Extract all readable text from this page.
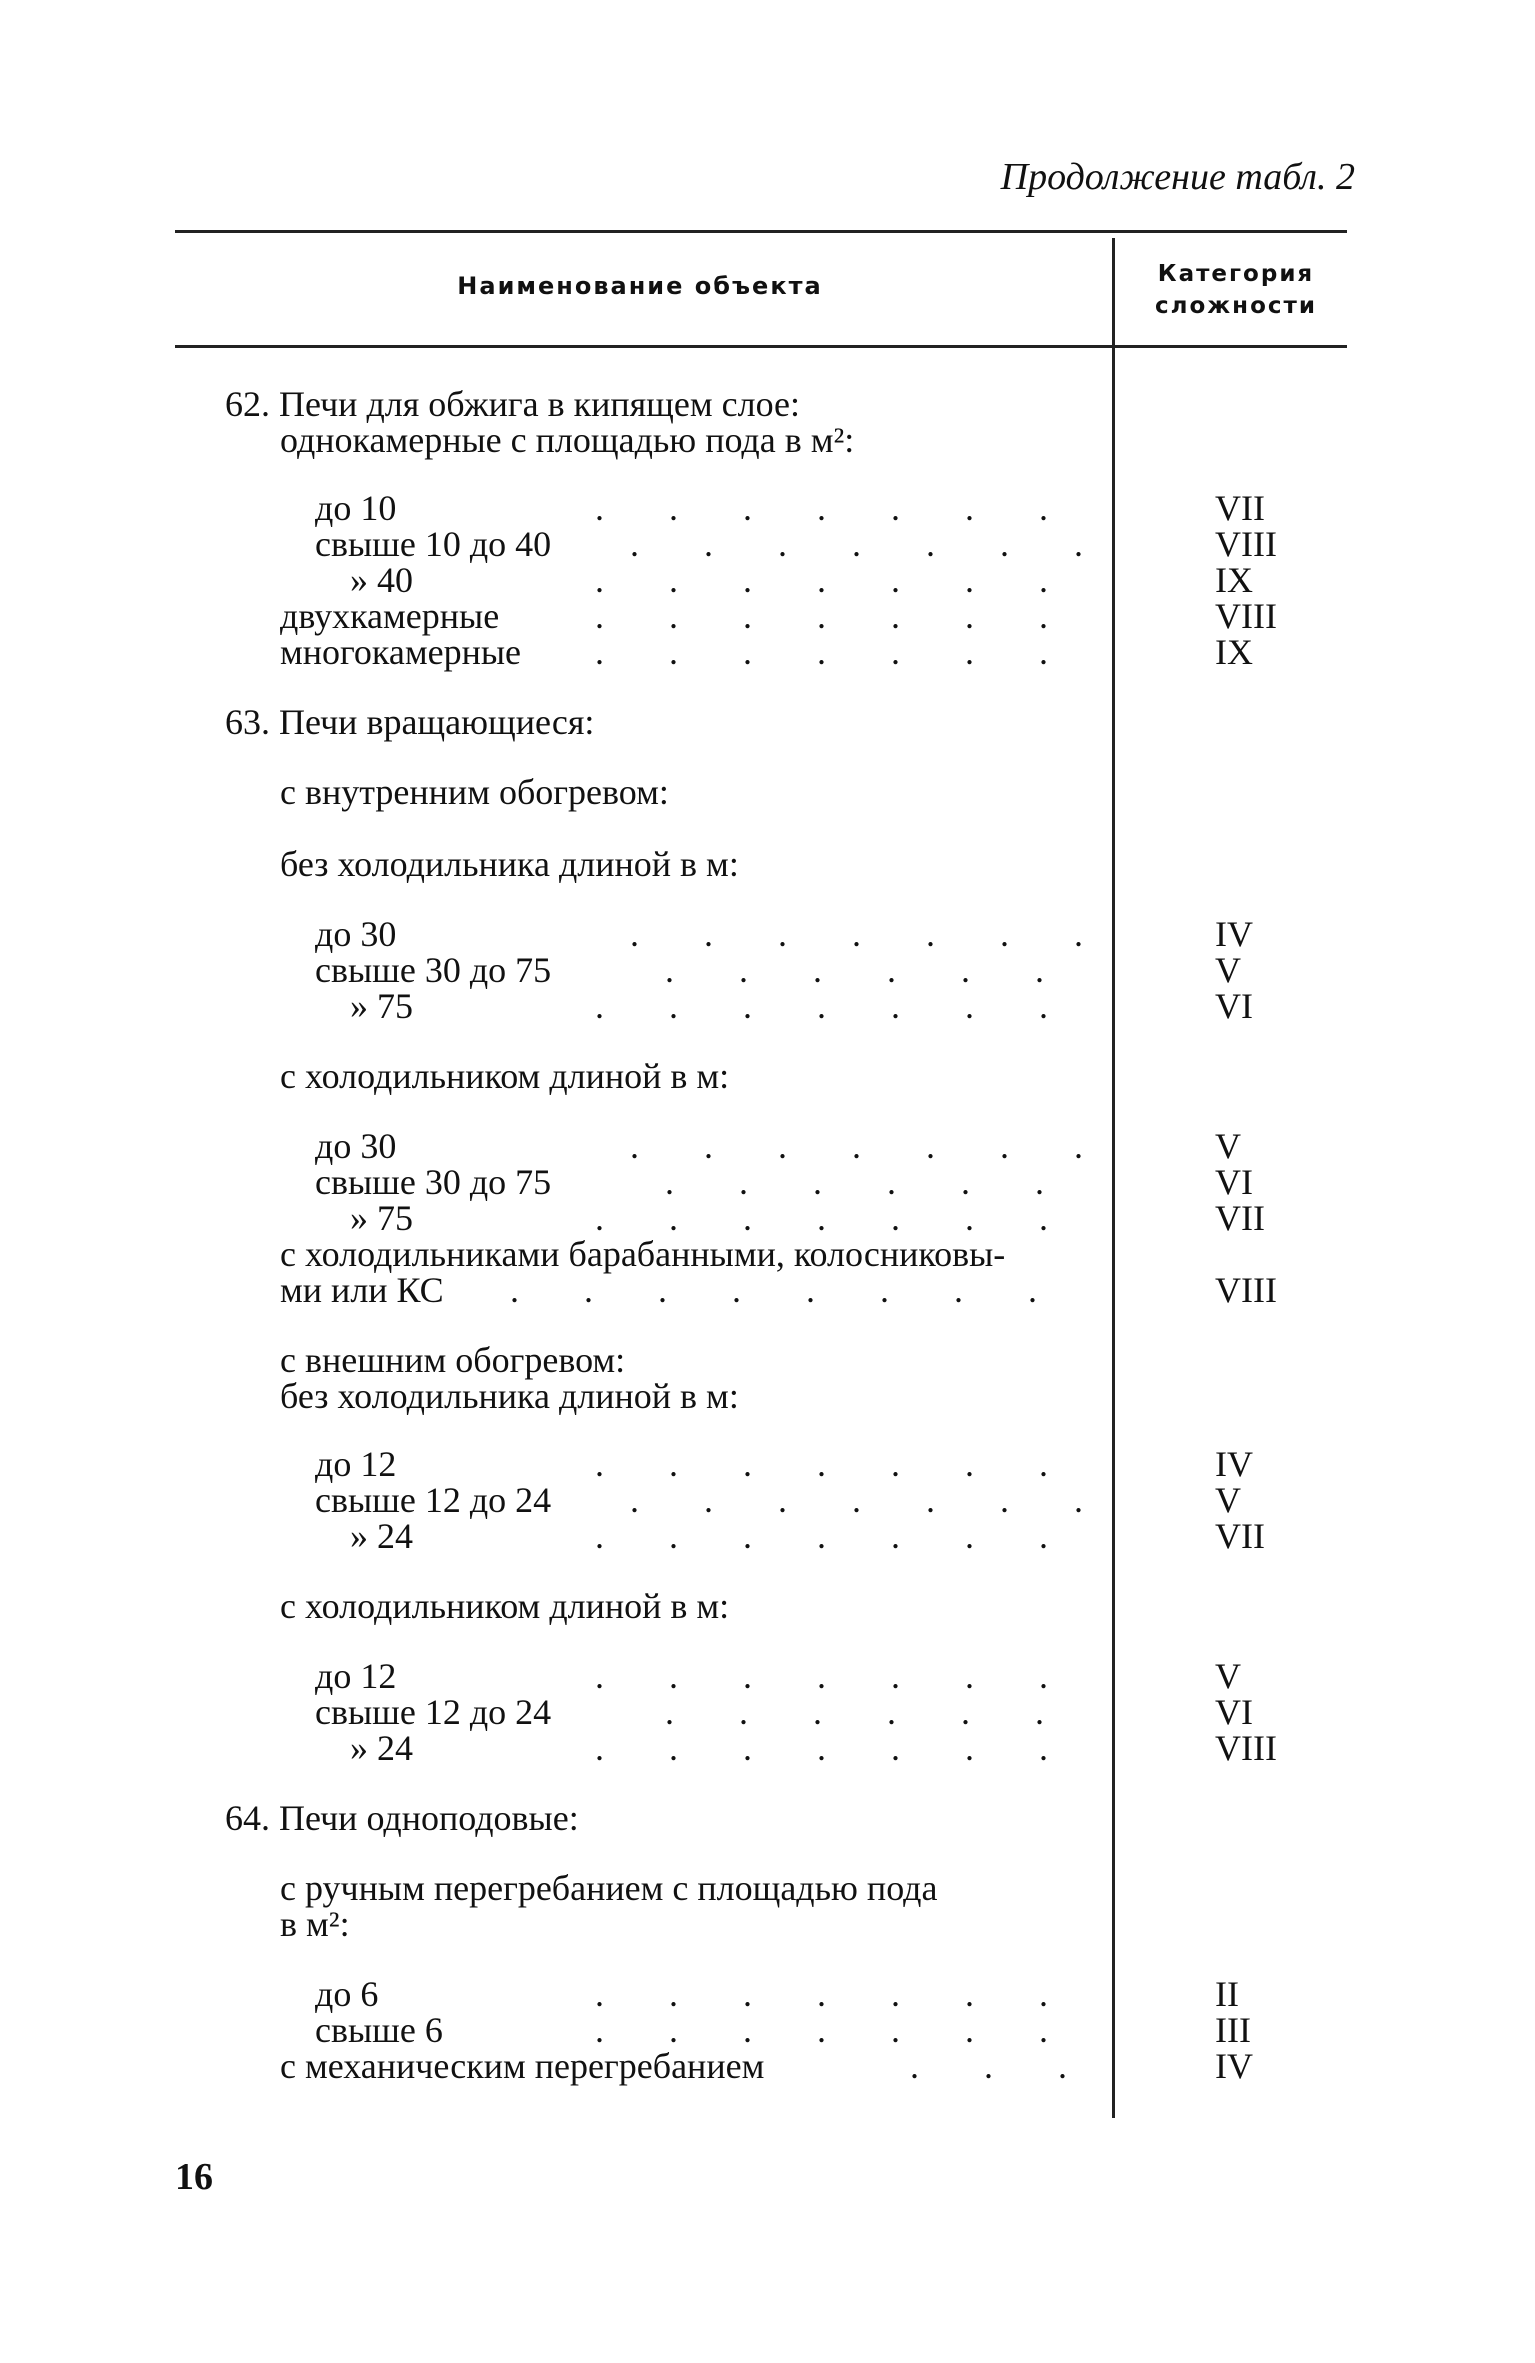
Продолжение табл. 2
Наименование объекта	Категория
сложности
62. Печи для обжига в кипящем слое:
однокамерные с площадью пода в м²:
до 10	. . . . . . .	VII
свыше 10 до 40 . . . . . . .	VIII
» 40	. . . . . . .	IX
двухкамерные	. . . . . . .	VIII
многокамерные . . . . . . .	IX
63. Печи вращающиеся:
с внутренним обогревом:
без холодильника длиной в м:
до 30	. . . . . . .	IV
свыше 30 до 75	. . . . . .	V
» 75	. . . . . . .	VI
с холодильником длиной в м:
до 30	. . . . . . .	V
свыше 30 до 75	. . . . . .	VI
» 75	. . . . . . .	VII
с холодильниками барабанными, колосниковы-
ми или КС . . . . . . . .	VIII
с внешним обогревом:
без холодильника длиной в м:
до 12	. . . . . . .	IV
свыше 12 до 24 . . . . . . .	V
» 24	. . . . . . .	VII
с холодильником длиной в м:
до 12	. . . . . . .	V
свыше 12 до 24	. . . . . .	VI
» 24	. . . . . . .	VIII
64. Печи одноподовые:
с ручным перегребанием с площадью пода
в м²:
до 6	. . . . . . .	II
свыше 6	. . . . . . .	III
с механическим перегребанием	. . .	IV
16
